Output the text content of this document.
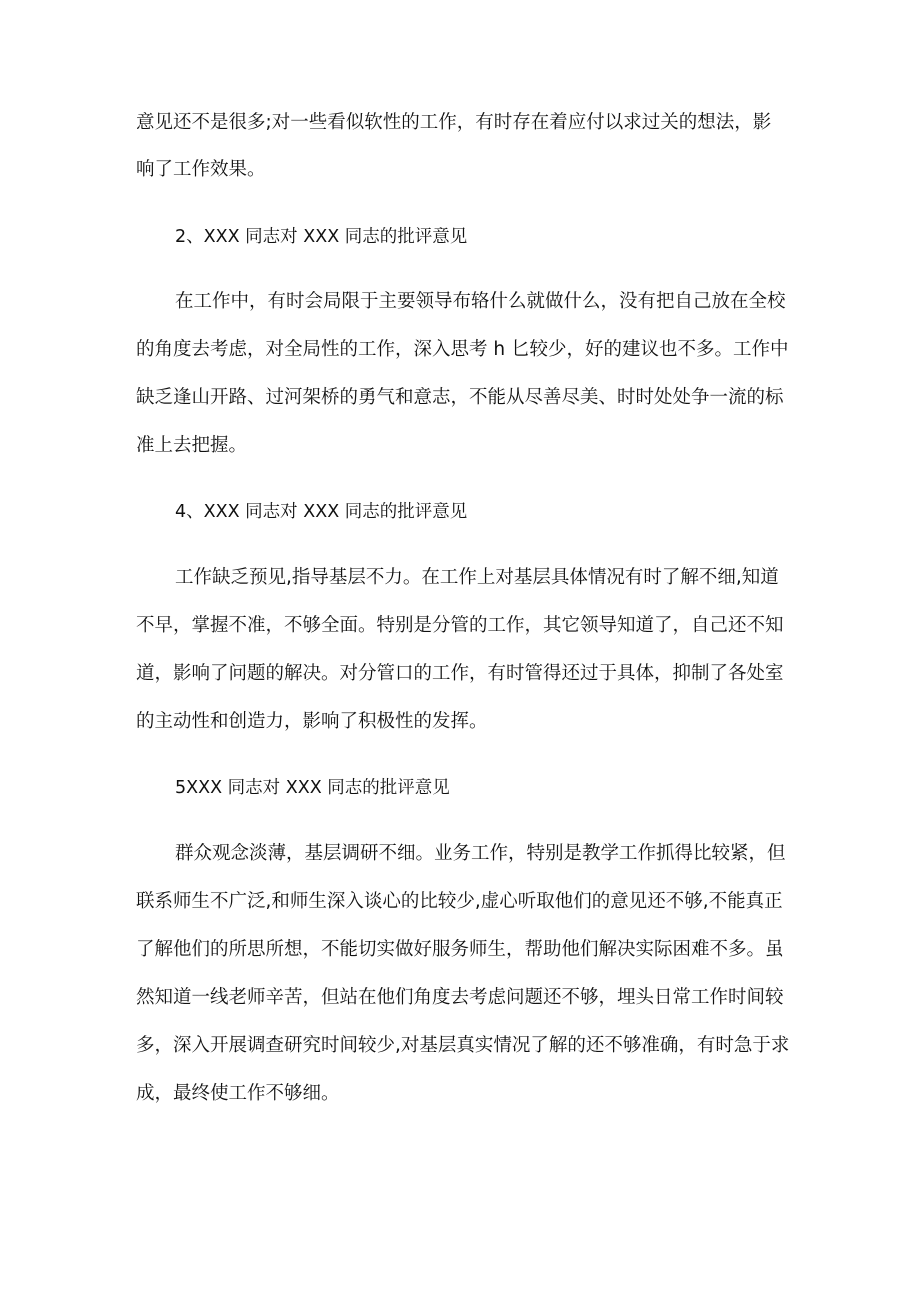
意见还不是很多;对一些看似软性的工作，有时存在着应付以求过关的想法，影
响了工作效果。
2、XXX 同志对 XXX 同志的批评意见
在工作中，有时会局限于主要领导布辂什么就做什么，没有把自己放在全校
的角度去考虑，对全局性的工作，深入思考 h 匕较少，好的建议也不多。工作中
缺乏逢山开路、过河架桥的勇气和意志，不能从尽善尽美、时时处处争一流的标
准上去把握。
4、XXX 同志对 XXX 同志的批评意见
工作缺乏预见,指导基层不力。在工作上对基层具体情况有时了解不细,知道
不早，掌握不准，不够全面。特别是分管的工作，其它领导知道了，自己还不知
道，影响了问题的解决。对分管口的工作，有时管得还过于具体，抑制了各处室
的主动性和创造力，影响了积极性的发挥。
5XXX 同志对 XXX 同志的批评意见
群众观念淡薄，基层调研不细。业务工作，特别是教学工作抓得比较紧，但
联系师生不广泛,和师生深入谈心的比较少,虚心听取他们的意见还不够,不能真正
了解他们的所思所想，不能切实做好服务师生，帮助他们解决实际困难不多。虽
然知道一线老师辛苦，但站在他们角度去考虑问题还不够，埋头日常工作时间较
多，深入开展调查研究时间较少,对基层真实情况了解的还不够准确，有时急于求
成，最终使工作不够细。
